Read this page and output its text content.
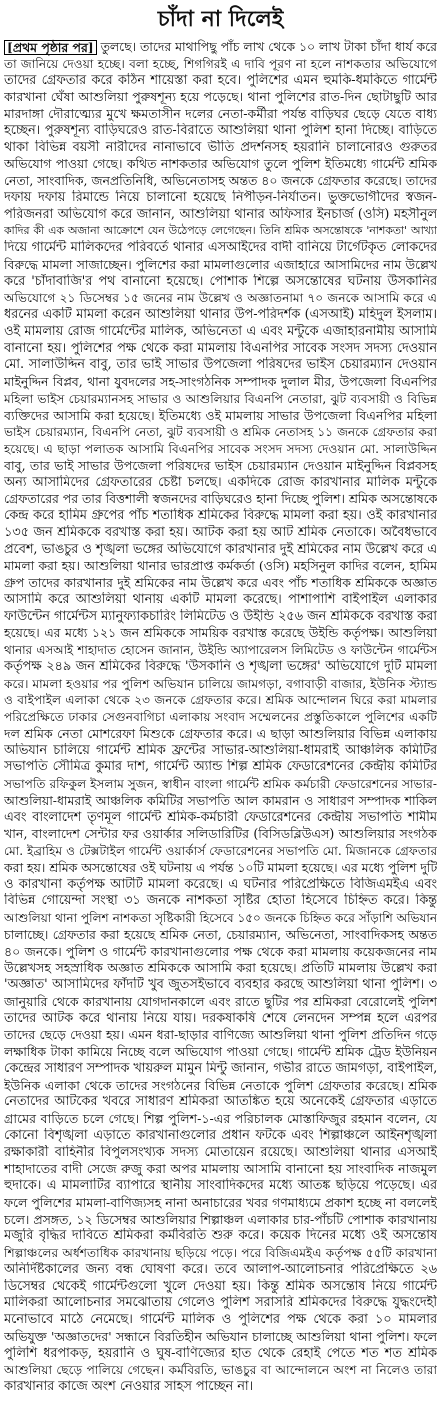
চাঁদা না দিলেই
[প্রথম পৃষ্ঠার পর] তুলছে। তাদের মাথাপিছু পাঁচ লাখ থেকে ১০ লাখ টাকা চাঁদা ধার্য করে
তা জানিয়ে দেওয়া হচ্ছে। বলা হচ্ছে, শিগগিরই এ দাবি পূরণ না হলে নাশকতার অভিযোগে
তাদের গ্রেফতার করে কঠিন শায়েস্তা করা হবে। পুলিশের এমন হুমকি-ধমকিতে গার্মেন্ট
কারখানা ঘেঁষা আশুলিয়া পুরুষশূন্য হয়ে পড়েছে। থানা পুলিশের রাত-দিন ছোটাছুটি আর
মারদাঙ্গা দৌরাত্ম্যের মুখে ক্ষমতাসীন দলের নেতা-কর্মীরা পর্যন্ত বাড়িঘর ছেড়ে যেতে বাধ্য
হচ্ছেন। পুরুষশূন্য বাড়িঘরেও রাত-বিরাতে আশুলিয়া থানা পুলিশ হানা দিচ্ছে। বাড়িতে
থাকা বিভিন্ন বয়সী নারীদের নানাভাবে ভীতি প্রদর্শনসহ হয়রানি চালানোরও গুরুতর
অভিযোগ পাওয়া গেছে। কথিত নাশকতার অভিযোগ তুলে পুলিশ ইতিমধ্যে গার্মেন্ট শ্রমিক
নেতা, সাংবাদিক, জনপ্রতিনিধি, অভিনেতাসহ অন্তত ৪০ জনকে গ্রেফতার করেছে। তাদের
দফায় দফায় রিমান্ডে নিয়ে চালানো হয়েছে নিপীড়ন-নির্যাতন। ভুক্তভোগীদের স্বজন-
পরিজনরা অভিযোগ করে জানান, আশুলিয়া থানার অফিসার ইনচার্জ (ওসি) মহসীনুল
কাদির কী এক অজানা আক্রোশে যেন উঠেপড়ে লেগেছেন। তিনি শ্রমিক অসন্তোষকে 'নাশকতা' আখ্যা
দিয়ে গার্মেন্ট মালিকদের পরিবর্তে থানার এসআইদের বাদী বানিয়ে টার্গেটকৃত লোকদের
বিরুদ্ধে মামলা সাজাচ্ছেন। পুলিশের করা মামলাগুলোর এজাহারে আসামিদের নাম উল্লেখ
করে 'চাঁদাবাজি'র পথ বানানো হয়েছে। পোশাক শিল্পে অসন্তোষের ঘটনায় উসকানির
অভিযোগে ২১ ডিসেম্বর ১৫ জনের নাম উল্লেখ ও অজ্ঞাতনামা ৭০ জনকে আসামি করে এ
ধরনের একটি মামলা করেন আশুলিয়া থানার উপ-পরিদর্শক (এসআই) মহিদুল ইসলাম।
ওই মামলায় রোজ গার্মেন্টের মালিক, অভিনেতা এ এবং মন্টুকে এজাহারনামীয় আসামি
বানানো হয়। পুলিশের পক্ষ থেকে করা মামলায় বিএনপির সাবেক সংসদ সদস্য দেওয়ান
মো. সালাউদ্দিন বাবু, তার ভাই সাভার উপজেলা পরিষদের ভাইস চেয়ারম্যান দেওয়ান
মাইনুদ্দিন বিপ্লব, থানা যুবদলের সহ-সাংগঠনিক সম্পাদক দুলাল মীর, উপজেলা বিএনপির
মহিলা ভাইস চেয়ারম্যানসহ সাভার ও আশুলিয়ার বিএনপি নেতারা, ঝুট ব্যবসায়ী ও বিভিন্ন
ব্যক্তিদের আসামি করা হয়েছে। ইতিমধ্যে ওই মামলায় সাভার উপজেলা বিএনপির মহিলা
ভাইস চেয়ারম্যান, বিএনপি নেতা, ঝুট ব্যবসায়ী ও শ্রমিক নেতাসহ ১১ জনকে গ্রেফতার করা
হয়েছে। এ ছাড়া পলাতক আসামি বিএনপির সাবেক সংসদ সদস্য দেওয়ান মো. সালাউদ্দিন
বাবু, তার ভাই সাভার উপজেলা পরিষদের ভাইস চেয়ারম্যান দেওয়ান মাইনুদ্দিন বিপ্লবসহ
অন্য আসামিদের গ্রেফতারের চেষ্টা চলছে। একদিকে রোজ কারখানার মালিক মন্টুকে
গ্রেফতারের পর তার বিত্তশালী স্বজনদের বাড়িঘরেও হানা দিচ্ছে পুলিশ। শ্রমিক অসন্তোষকে
কেন্দ্র করে হামিম গ্রুপের পাঁচ শতাধিক শ্রমিকের বিরুদ্ধে মামলা করা হয়। ওই কারখানার
১৩৫ জন শ্রমিককে বরখাস্ত করা হয়। আটক করা হয় আট শ্রমিক নেতাকে। অবৈধভাবে
প্রবেশ, ভাঙচুর ও শৃঙ্খলা ভঙ্গের অভিযোগে কারখানার দুই শ্রমিকের নাম উল্লেখ করে এ
মামলা করা হয়। আশুলিয়া থানার ভারপ্রাপ্ত কর্মকর্তা (ওসি) মহসিনুল কাদির বলেন, হামিম
গ্রুপ তাদের কারখানার দুই শ্রমিকের নাম উল্লেখ করে এবং পাঁচ শতাধিক শ্রমিককে অজ্ঞাত
আসামি করে আশুলিয়া থানায় একটি মামলা করেছে। পাশাপাশি বাইপাইল এলাকার
ফাউন্টেন গার্মেন্টস ম্যানুফ্যাকচারিং লিমিটেড ও উইন্ডি ২৫৬ জন শ্রমিককে বরখাস্ত করা
হয়েছে। এর মধ্যে ১২১ জন শ্রমিককে সাময়িক বরখাস্ত করেছে উইন্ডি কর্তৃপক্ষ। আশুলিয়া
থানার এসআই শাহাদাত হোসেন জানান, উইন্ডি অ্যাপারেলস লিমিটেড ও ফাউন্টেন গার্মেন্টস
কর্তৃপক্ষ ২৪৯ জন শ্রমিকের বিরুদ্ধে 'উসকানি ও শৃঙ্খলা ভঙ্গের' অভিযোগে দুটি মামলা
করে। মামলা হওয়ার পর পুলিশ অভিযান চালিয়ে জামগড়া, বগাবাড়ী বাজার, ইউনিক স্ট্যান্ড
ও বাইপাইল এলাকা থেকে ২৩ জনকে গ্রেফতার করে। শ্রমিক আন্দোলন ঘিরে করা মামলার
পরিপ্রেক্ষিতে ঢাকার সেগুনবাগিচা এলাকায় সংবাদ সম্মেলনের প্রস্তুতিকালে পুলিশের একটি
দল শ্রমিক নেতা মোশরেফা মিশুকে গ্রেফতার করে। এ ছাড়া আশুলিয়ার বিভিন্ন এলাকায়
অভিযান চালিয়ে গার্মেন্ট শ্রমিক ফ্রন্টের সাভার-আশুলিয়া-ধামরাই আঞ্চলিক কমিটির
সভাপতি সৌমিত্র কুমার দাশ, গার্মেন্ট অ্যান্ড শিল্প শ্রমিক ফেডারেশনের কেন্দ্রীয় কমিটির
সভাপতি রফিকুল ইসলাম সুজন, স্বাধীন বাংলা গার্মেন্ট শ্রমিক কর্মচারী ফেডারেশনের সাভার-
আশুলিয়া-ধামরাই আঞ্চলিক কমিটির সভাপতি আল কামরান ও সাধারণ সম্পাদক শাকিল
এবং বাংলাদেশ তৃণমূল গার্মেন্ট শ্রমিক-কর্মচারী ফেডারেশনের কেন্দ্রীয় সভাপতি শামীম
খান, বাংলাদেশ সেন্টার ফর ওয়ার্কার সলিডারিটির (বিসিডব্লিউএস) আশুলিয়ার সংগঠক
মো. ইব্রাহিম ও টেক্সটাইল গার্মেন্ট ওয়ার্কার্স ফেডারেশনের সভাপতি মো. মিজানকে গ্রেফতার
করা হয়। শ্রমিক অসন্তোষের ওই ঘটনায় এ পর্যন্ত ১০টি মামলা হয়েছে। এর মধ্যে পুলিশ দুটি
ও কারখানা কর্তৃপক্ষ আটটি মামলা করেছে। এ ঘটনার পরিপ্রেক্ষিতে বিজিএমইএ এবং
বিভিন্ন গোয়েন্দা সংস্থা ৩১ জনকে নাশকতা সৃষ্টির হোতা হিসেবে চিহ্নিত করে। কিন্তু
আশুলিয়া থানা পুলিশ নাশকতা সৃষ্টিকারী হিসেবে ১৫০ জনকে চিহ্নিত করে সাঁড়াশি অভিযান
চালাচ্ছে। গ্রেফতার করা হয়েছে শ্রমিক নেতা, চেয়ারম্যান, অভিনেতা, সাংবাদিকসহ অন্তত
৪০ জনকে। পুলিশ ও গার্মেন্ট কারখানাগুলোর পক্ষ থেকে করা মামলায় কয়েকজনের নাম
উল্লেখসহ সহস্রাধিক অজ্ঞাত শ্রমিককে আসামি করা হয়েছে। প্রতিটি মামলায় উল্লেখ করা
'অজ্ঞাত' আসামিদের ফাঁদটি খুব জুতসইভাবে ব্যবহার করছে আশুলিয়া থানা পুলিশ। ৩
জানুয়ারি থেকে কারখানায় যোগদানকালে এবং রাতে ছুটির পর শ্রমিকরা বেরোলেই পুলিশ
তাদের আটক করে থানায় নিয়ে যায়। দরকষাকষি শেষে লেনদেন সম্পন্ন হলে এরপর
তাদের ছেড়ে দেওয়া হয়। এমন ধরা-ছাড়ার বাণিজ্যে আশুলিয়া থানা পুলিশ প্রতিদিন গড়ে
লক্ষাধিক টাকা কামিয়ে নিচ্ছে বলে অভিযোগ পাওয়া গেছে। গার্মেন্ট শ্রমিক ট্রেড ইউনিয়ন
কেন্দ্রের সাধারণ সম্পাদক খায়রুল মামুন মিন্টু জানান, গভীর রাতে জামগড়া, বাইপাইল,
ইউনিক এলাকা থেকে তাদের সংগঠনের বিভিন্ন নেতাকে পুলিশ গ্রেফতার করেছে। শ্রমিক
নেতাদের আটকের খবরে সাধারণ শ্রমিকরা আতঙ্কিত হয়ে অনেকেই গ্রেফতার এড়াতে
গ্রামের বাড়িতে চলে গেছে। শিল্প পুলিশ-১-এর পরিচালক মোস্তাফিজুর রহমান বলেন, যে
কোনো বিশৃঙ্খলা এড়াতে কারখানাগুলোর প্রধান ফটকে এবং শিল্পাঞ্চলে আইনশৃঙ্খলা
রক্ষাকারী বাহিনীর বিপুলসংখ্যক সদস্য মোতায়েন রয়েছে। আশুলিয়া থানার এসআই
শাহাদাতের বাদী সেজে রুজু করা অপর মামলায় আসামি বানানো হয় সাংবাদিক নাজমুল
হুদাকে। এ মামলাটির ব্যাপারে স্থানীয় সাংবাদিকদের মধ্যে আতঙ্ক ছড়িয়ে পড়েছে। এর
ফলে পুলিশের মামলা-বাণিজ্যসহ নানা অনাচারের খবর গণমাধ্যমে প্রকাশ হচ্ছে না বললেই
চলে। প্রসঙ্গত, ১২ ডিসেম্বর আশুলিয়ার শিল্পাঞ্চল এলাকার চার-পাঁচটি পোশাক কারখানায়
মজুরি বৃদ্ধির দাবিতে শ্রমিকরা কর্মবিরতি শুরু করে। কয়েক দিনের মধ্যে ওই অসন্তোষ
শিল্পাঞ্চলের অর্ধশতাধিক কারখানায় ছড়িয়ে পড়ে। পরে বিজিএমইএ কর্তৃপক্ষ ৫৫টি কারখানা
অনির্দিষ্টকালের জন্য বন্ধ ঘোষণা করে। তবে আলাপ-আলোচনার পরিপ্রেক্ষিতে ২৬
ডিসেম্বর থেকেই গার্মেন্টগুলো খুলে দেওয়া হয়। কিন্তু শ্রমিক অসন্তোষ নিয়ে গার্মেন্ট
মালিকরা আলোচনার সমঝোতায় গেলেও পুলিশ সরাসরি শ্রমিকদের বিরুদ্ধে যুদ্ধংদেহী
মনোভাবে মাঠে নেমেছে। গার্মেন্ট মালিক ও পুলিশের পক্ষ থেকে করা ১০ মামলার
অভিযুক্ত 'অজ্ঞাতদের' সন্ধানে বিরতিহীন অভিযান চালাচ্ছে আশুলিয়া থানা পুলিশ। ফলে
পুলিশি ধরপাকড়, হয়রানি ও ঘুষ-বাণিজ্যের হাত থেকে রেহাই পেতে শত শত শ্রমিক
আশুলিয়া ছেড়ে পালিয়ে গেছেন। কর্মবিরতি, ভাঙচুর বা আন্দোলনে অংশ না নিলেও তারা
কারখানার কাজে অংশ নেওয়ার সাহস পাচ্ছেন না।
